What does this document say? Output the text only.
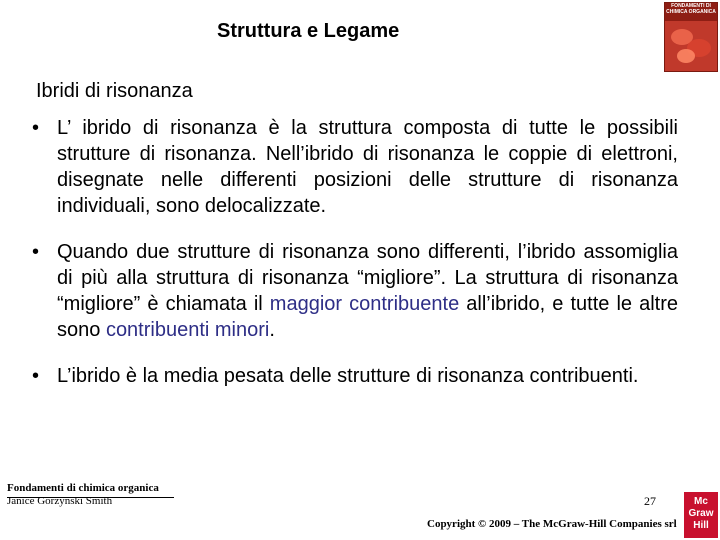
Struttura e Legame
FONDAMENTI DI CHIMICA ORGANICA
Ibridi di risonanza
• L’ ibrido di risonanza è la struttura composta di tutte le possibili strutture di risonanza. Nell’ibrido di risonanza le coppie di elettroni, disegnate nelle differenti posizioni delle strutture di risonanza individuali, sono delocalizzate.
• Quando due strutture di risonanza sono differenti, l’ibrido assomiglia di più alla struttura di risonanza “migliore”. La struttura di risonanza “migliore” è chiamata il maggior contribuente all’ibrido, e tutte le altre sono contribuenti minori.
• L’ibrido è la media pesata delle strutture di risonanza contribuenti.
Fondamenti di chimica organica
Janice Gorzynski Smith	27
Copyright © 2009 – The McGraw-Hill Companies srl
Mc
Graw
Hill
